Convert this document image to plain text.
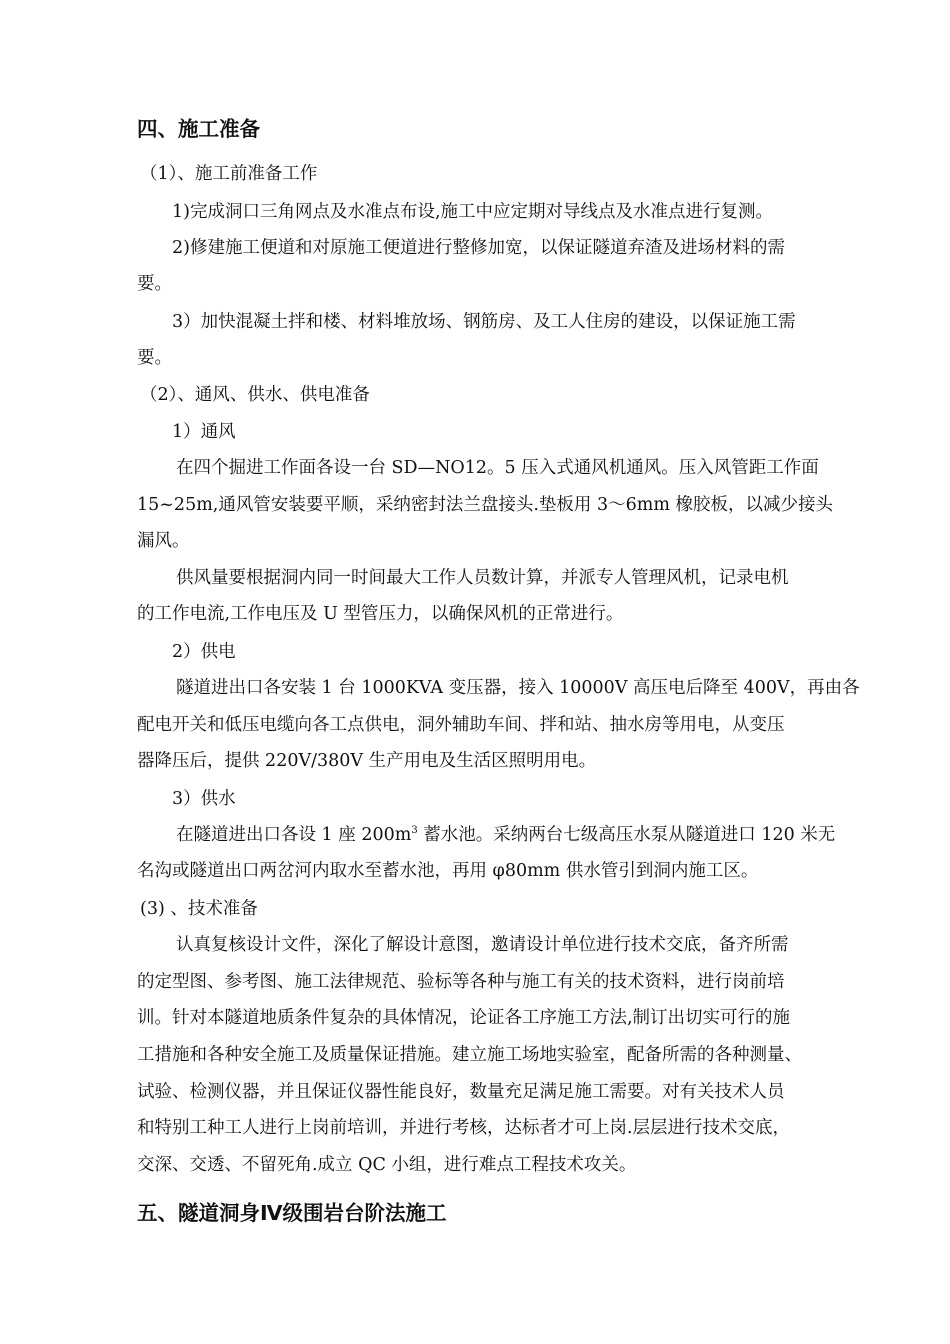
四、施工准备
（1）、施工前准备工作
1)完成洞口三角网点及水准点布设,施工中应定期对导线点及水准点进行复测。
2)修建施工便道和对原施工便道进行整修加宽，以保证隧道弃渣及进场材料的需
要。
3）加快混凝土拌和楼、材料堆放场、钢筋房、及工人住房的建设，以保证施工需
要。
（2）、通风、供水、供电准备
1）通风
在四个掘进工作面各设一台 SD—NO12。5 压入式通风机通风。压入风管距工作面
15~25m,通风管安装要平顺，采纳密封法兰盘接头.垫板用 3～6mm 橡胶板，以减少接头
漏风。
供风量要根据洞内同一时间最大工作人员数计算，并派专人管理风机，记录电机
的工作电流,工作电压及 U 型管压力，以确保风机的正常进行。
2）供电
隧道进出口各安装 1 台 1000KVA 变压器，接入 10000V 高压电后降至 400V，再由各
配电开关和低压电缆向各工点供电，洞外辅助车间、拌和站、抽水房等用电，从变压
器降压后，提供 220V/380V 生产用电及生活区照明用电。
3）供水
在隧道进出口各设 1 座 $200m^3$ 蓄水池。采纳两台七级高压水泵从隧道进口 120 米无
名沟或隧道出口两岔河内取水至蓄水池，再用 φ80mm 供水管引到洞内施工区。
(3) 、技术准备
认真复核设计文件，深化了解设计意图，邀请设计单位进行技术交底，备齐所需
的定型图、参考图、施工法律规范、验标等各种与施工有关的技术资料，进行岗前培
训。针对本隧道地质条件复杂的具体情况，论证各工序施工方法,制订出切实可行的施
工措施和各种安全施工及质量保证措施。建立施工场地实验室，配备所需的各种测量、
试验、检测仪器，并且保证仪器性能良好，数量充足满足施工需要。对有关技术人员
和特别工种工人进行上岗前培训，并进行考核，达标者才可上岗.层层进行技术交底，
交深、交透、不留死角.成立 QC 小组，进行难点工程技术攻关。
五、隧道洞身Ⅳ级围岩台阶法施工
